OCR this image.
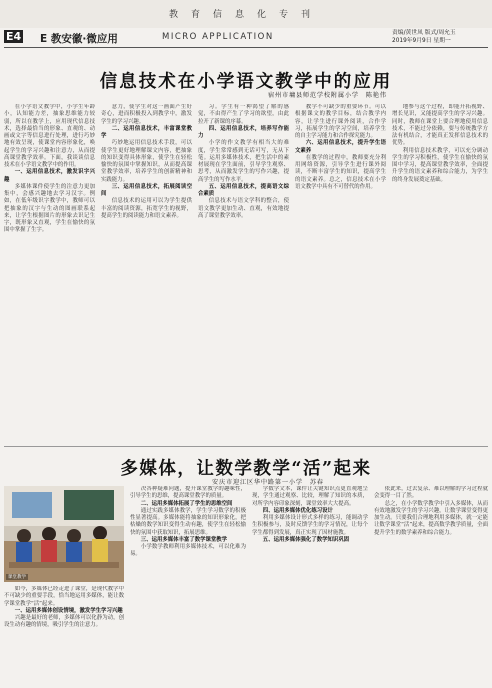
教育信息化专刊
E4	E 教安徽·微应用	MICRO APPLICATION	责编/黄世凤 版式/周允玉
2019年9月9日 星期一
信息技术在小学语文教学中的应用
宿州市墉县师范学校附属小学　陈艳伟

在小学语文教学中，小学生年龄小，认知能力差，抽象思维能力较弱，所以在教学上，应用现代信息技术，选择最恰当的形象、直观的、动画或文字等信息进行处理，进行巧妙地有效呈现，使课堂内容形象化，唤起学生的学习兴趣和注意力，从而提高课堂教学效率。下面，我谈谈信息技术在小学语文教学中的作用。

一、运用信息技术，激发识字兴趣

多媒体课件使学生的注意力更加集中，会感兴趣地去学习汉字。例如，在低年级识字教学中，教师可以把抽象的汉字与生动的图画联系起来，让学生根据图片的形象去识记生字，既形象又直观，学生在愉快的氛围中掌握了生字。

意力，使学生对这一画面产生好奇心，进而积极投入到教学中，激发学生的学习兴趣。

二、运用信息技术，丰富课堂教学

巧妙地运用信息技术手段，可以使学生更好地理解课文内容，把抽象的知识变得具体形象，使学生在轻松愉快的氛围中掌握知识，从而提高课堂教学效率，培养学生的创新精神和实践能力。

三、运用信息技术，拓展阅读空间

信息技术的运用可以为学生提供丰富的阅读资源，拓宽学生的视野，提高学生的阅读能力和语文素养。

习。学生有一种渴望了解的感觉，不由得产生了学习的欲望，由此拉开了新课的序幕。

四、运用信息技术，培养写作能力

小学的作文教学有相当大的难度，学生常常感到无话可写，无从下笔。运用多媒体技术，把生活中的素材展现在学生面前，引导学生观察、思考，从而激发学生的写作兴趣，提高学生的写作水平。

五、运用信息技术，提高语文综合素质

信息技术与语文学科的整合，使语文教学更加生动、直观，有效地提高了课堂教学效率。

教学不可缺少的重要环节。可以根据课文的教学目标，结合教学内容，让学生进行课外阅读，合作学习，拓展学生的学习空间，培养学生的自主学习能力和合作探究能力。

六、运用信息技术，提升学生语文素养

在教学的过程中，教师要充分利用网络资源，引导学生进行课外阅读，不断丰富学生的知识，提高学生的语文素养。总之，信息技术在小学语文教学中具有不可替代的作用。

地参与这个过程，即能开拓视野、增长见识，又能提高学生的学习兴趣。同时，教师在课堂上要合理地使用信息技术，不能过分依赖，要与传统教学方法有机结合，才能真正发挥信息技术的优势。

利用信息技术教学，可以充分调动学生的学习积极性，使学生在愉快的氛围中学习，提高课堂教学效率，全面提升学生的语文素养和综合能力，为学生的终身发展奠定基础。

多媒体，让数学教学“活”起来
安庆市迎江区华中路第一小学　苏春
课堂教学

如今，多媒体已经走进了课堂，是现代教学中不可缺少的重要手段，恰当地运用多媒体，能让数学课堂教学“活”起来。

一、运用多媒体创设情境，激发学生学习兴趣

兴趣是最好的老师，多媒体可以化静为动，创设生动有趣的情境，吸引学生的注意力。

决各种疑难问题，提升课堂教学的趣味性，引导学生的思维，提高课堂教学的质量。

二、运用多媒体拓展了学生的思维空间

通过实践多媒体教学，学生学习数学的积极性显著提高。多媒体能将抽象的知识形象化，把枯燥的数学知识变得生动有趣，使学生在轻松愉快的氛围中获取知识，拓展思维。

三、运用多媒体丰富了数学课堂教学

小学数学教师利用多媒体技术，可以化难为易。

学数学文本，课件让关键知识点更直观地呈现，学生通过观察、比较，理解了知识的本质，对所学内容印象深刻，课堂效率大大提高。

四、运用多媒体优化练习设计

利用多媒体设计形式多样的练习，能调动学生积极参与，及时反馈学生的学习情况，让每个学生都得到发展，真正实现了因材施教。

五、运用多媒体强化了数学知识巩固

依此来，过去复杂、难以理解的学习过程就会变得一目了然。

总之，在小学数学教学中引入多媒体，从而有效地激发学生的学习兴趣，让数学课堂变得更加生动。只要我们合理地利用多媒体，就一定能让数学课堂“活”起来，提高数学教学质量，全面提升学生的数学素养和综合能力。
